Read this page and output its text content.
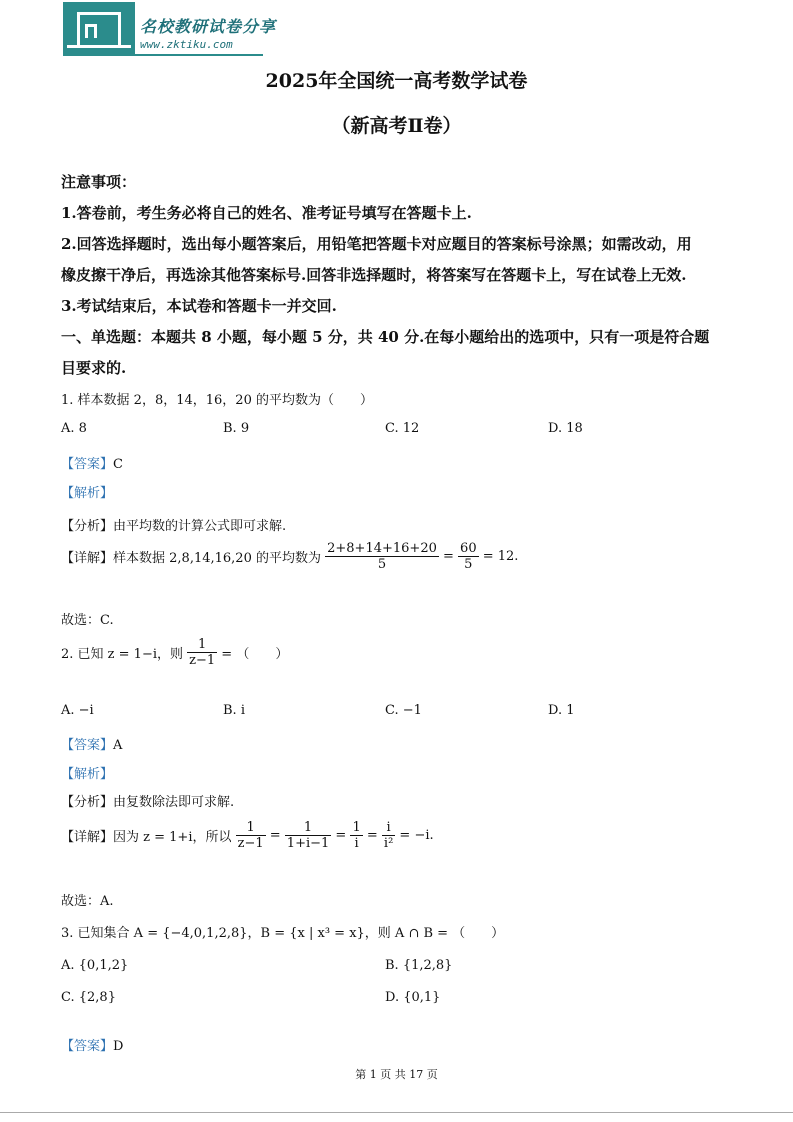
名校教研试卷分享
www.zktiku.com
2025年全国统一高考数学试卷
（新高考Ⅱ卷）
注意事项：
1.答卷前，考生务必将自己的姓名、准考证号填写在答题卡上.
2.回答选择题时，选出每小题答案后，用铅笔把答题卡对应题目的答案标号涂黑；如需改动，用
橡皮擦干净后，再选涂其他答案标号.回答非选择题时，将答案写在答题卡上，写在试卷上无效.
3.考试结束后，本试卷和答题卡一并交回.
一、单选题：本题共 8 小题，每小题 5 分，共 40 分.在每小题给出的选项中，只有一项是符合题
目要求的.
1. 样本数据 2，8，14，16，20 的平均数为（　　）
A. 8	B. 9	C. 12	D. 18
【答案】C
【解析】
【分析】由平均数的计算公式即可求解.
【详解】样本数据 2,8,14,16,20 的平均数为 $\frac{2+8+14+16+20}{5} = \frac{60}{5} = 12$.
故选：C.
2. 已知 z = 1−i，则 $\frac{1}{z-1}$ = （　　）
A. −i	B. i	C. −1	D. 1
【答案】A
【解析】
【分析】由复数除法即可求解.
【详解】因为 z = 1+i，所以 $\frac{1}{z-1} = \frac{1}{1+i-1} = \frac{1}{i} = \frac{i}{\text{i²}} = -i$.
故选：A.
3. 已知集合 A = {−4,0,1,2,8}，B = {x | x³ = x}，则 A ∩ B = （　　）
A. {0,1,2}	B. {1,2,8}
C. {2,8}	D. {0,1}
【答案】D
第 1 页 共 17 页
